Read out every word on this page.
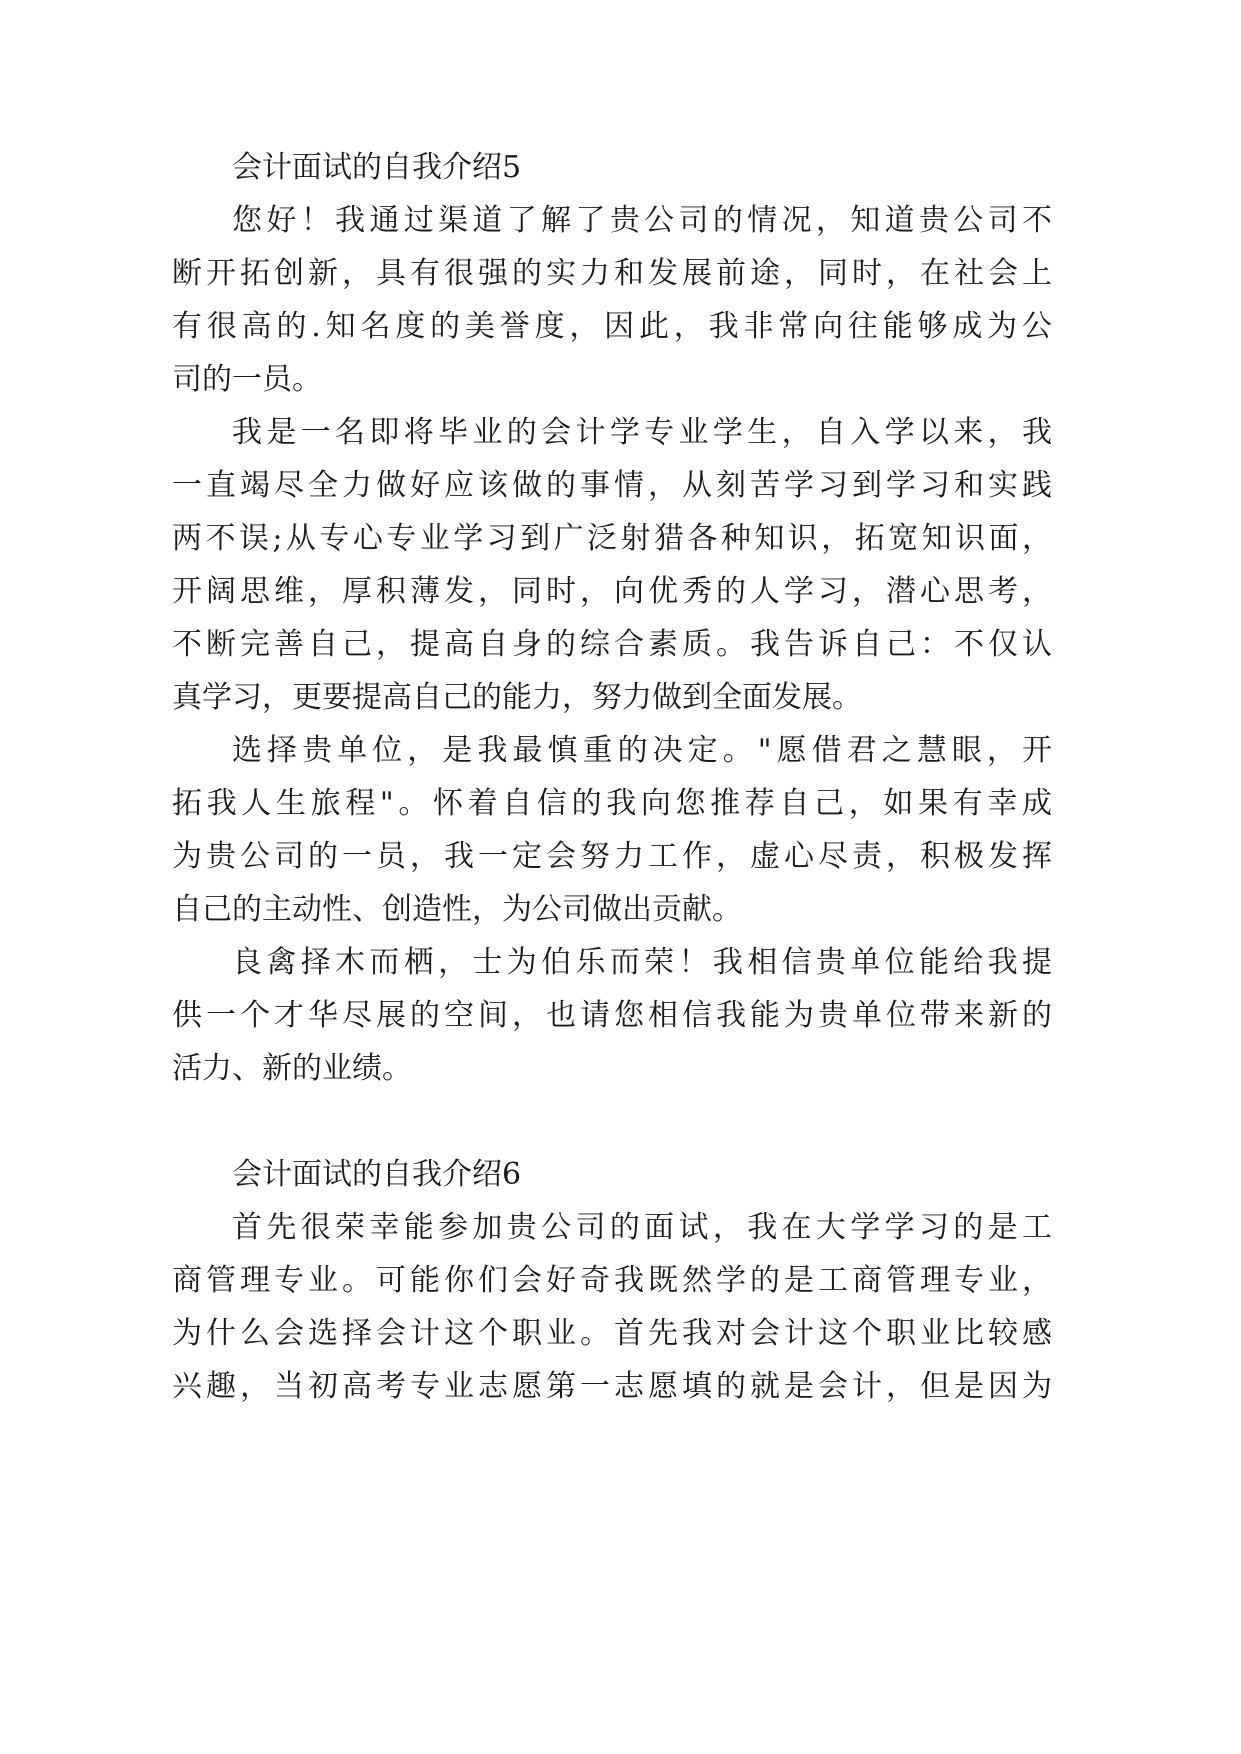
会计面试的自我介绍5
您好！我通过渠道了解了贵公司的情况，知道贵公司不
断开拓创新，具有很强的实力和发展前途，同时，在社会上
有很高的.知名度的美誉度，因此，我非常向往能够成为公
司的一员。
我是一名即将毕业的会计学专业学生，自入学以来，我
一直竭尽全力做好应该做的事情，从刻苦学习到学习和实践
两不误;从专心专业学习到广泛射猎各种知识，拓宽知识面，
开阔思维，厚积薄发，同时，向优秀的人学习，潜心思考，
不断完善自己，提高自身的综合素质。我告诉自己：不仅认
真学习，更要提高自己的能力，努力做到全面发展。
选择贵单位，是我最慎重的决定。"愿借君之慧眼，开
拓我人生旅程"。怀着自信的我向您推荐自己，如果有幸成
为贵公司的一员，我一定会努力工作，虚心尽责，积极发挥
自己的主动性、创造性，为公司做出贡献。
良禽择木而栖，士为伯乐而荣！我相信贵单位能给我提
供一个才华尽展的空间，也请您相信我能为贵单位带来新的
活力、新的业绩。
会计面试的自我介绍6
首先很荣幸能参加贵公司的面试，我在大学学习的是工
商管理专业。可能你们会好奇我既然学的是工商管理专业，
为什么会选择会计这个职业。首先我对会计这个职业比较感
兴趣，当初高考专业志愿第一志愿填的就是会计，但是因为
